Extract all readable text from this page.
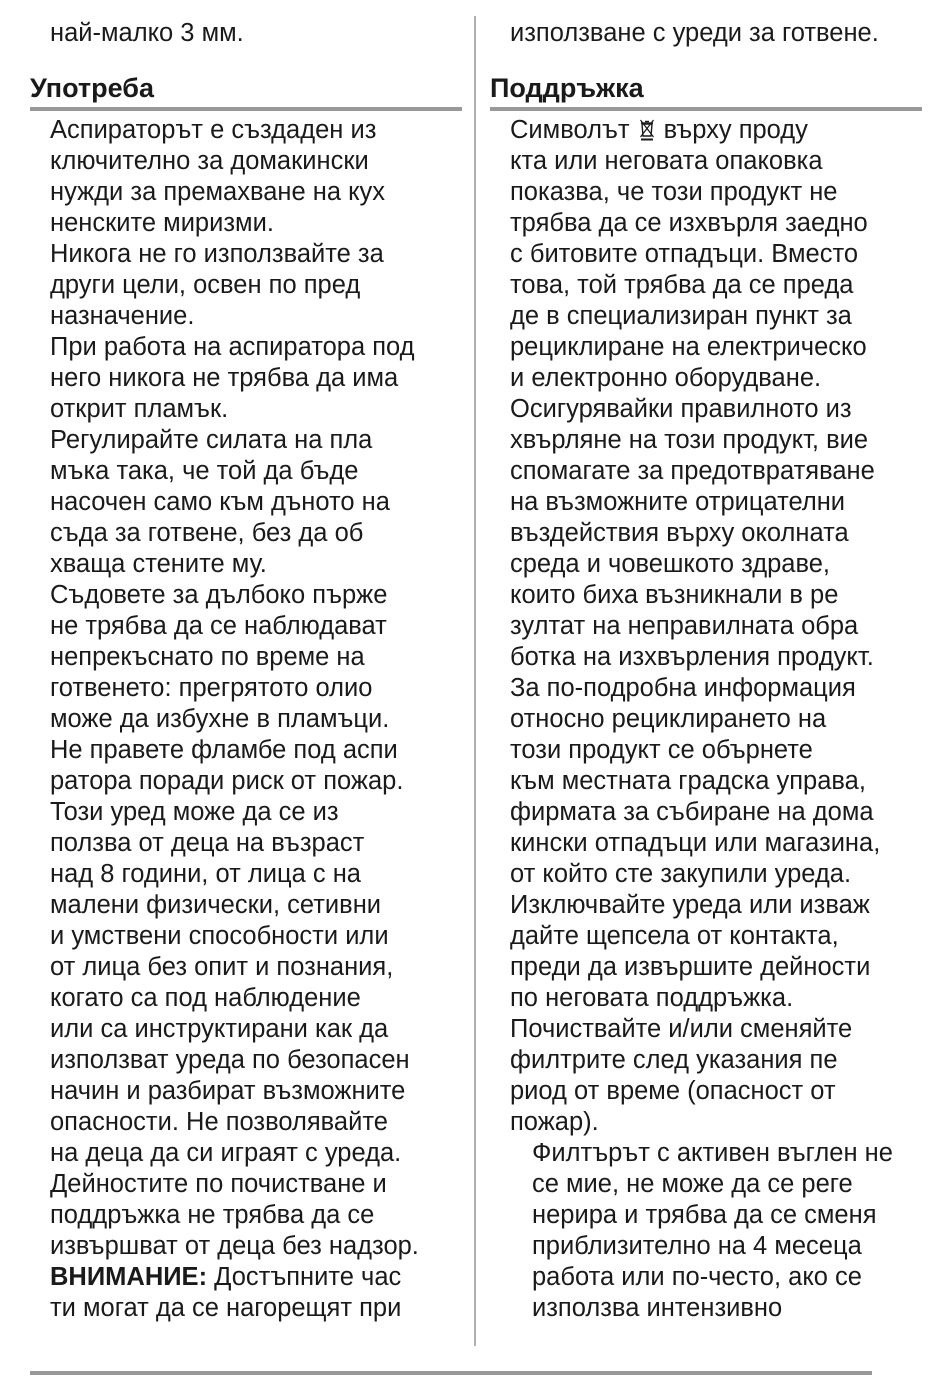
най-малко 3 мм.
Употреба
Аспираторът е създаден из
ключително за домакински
нужди за премахване на кух
ненските миризми.
Никога не го използвайте за
други цели, освен по пред
назначение.
При работа на аспиратора под
него никога не трябва да има
открит пламък.
Регулирайте силата на пла
мъка така, че той да бъде
насочен само към дъното на
съда за готвене, без да об
хваща стените му.
Съдовете за дълбоко пърже
не трябва да се наблюдават
непрекъснато по време на
готвенето: прегрятото олио
може да избухне в пламъци.
Не правете фламбе под аспи
ратора поради риск от пожар.
Този уред може да се из
ползва от деца на възраст
над 8 години, от лица с на
малени физически, сетивни
и умствени способности или
от лица без опит и познания,
когато са под наблюдение
или са инструктирани как да
използват уреда по безопасен
начин и разбират възможните
опасности. Не позволявайте
на деца да си играят с уреда.
Дейностите по почистване и
поддръжка не трябва да се
извършват от деца без надзор.
ВНИМАНИЕ: Достъпните час
ти могат да се нагорещят при
използване с уреди за готвене.
Поддръжка
Символът върху проду
кта или неговата опаковка
показва, че този продукт не
трябва да се изхвърля заедно
с битовите отпадъци. Вместо
това, той трябва да се преда
де в специализиран пункт за
рециклиране на електрическо
и електронно оборудване.
Осигурявайки правилното из
хвърляне на този продукт, вие
спомагате за предотвратяване
на възможните отрицателни
въздействия върху околната
среда и човешкото здраве,
които биха възникнали в ре
зултат на неправилната обра
ботка на изхвърления продукт.
За по-подробна информация
относно рециклирането на
този продукт се обърнете
към местната градска управа,
фирмата за събиране на дома
кински отпадъци или магазина,
от който сте закупили уреда.
Изключвайте уреда или изваж
дайте щепсела от контакта,
преди да извършите дейности
по неговата поддръжка.
Почиствайте и/или сменяйте
филтрите след указания пе
риод от време (опасност от
пожар).
Филтърът с активен въглен не
се мие, не може да се реге
нерира и трябва да се сменя
приблизително на 4 месеца
работа или по-често, ако се
използва интензивно
